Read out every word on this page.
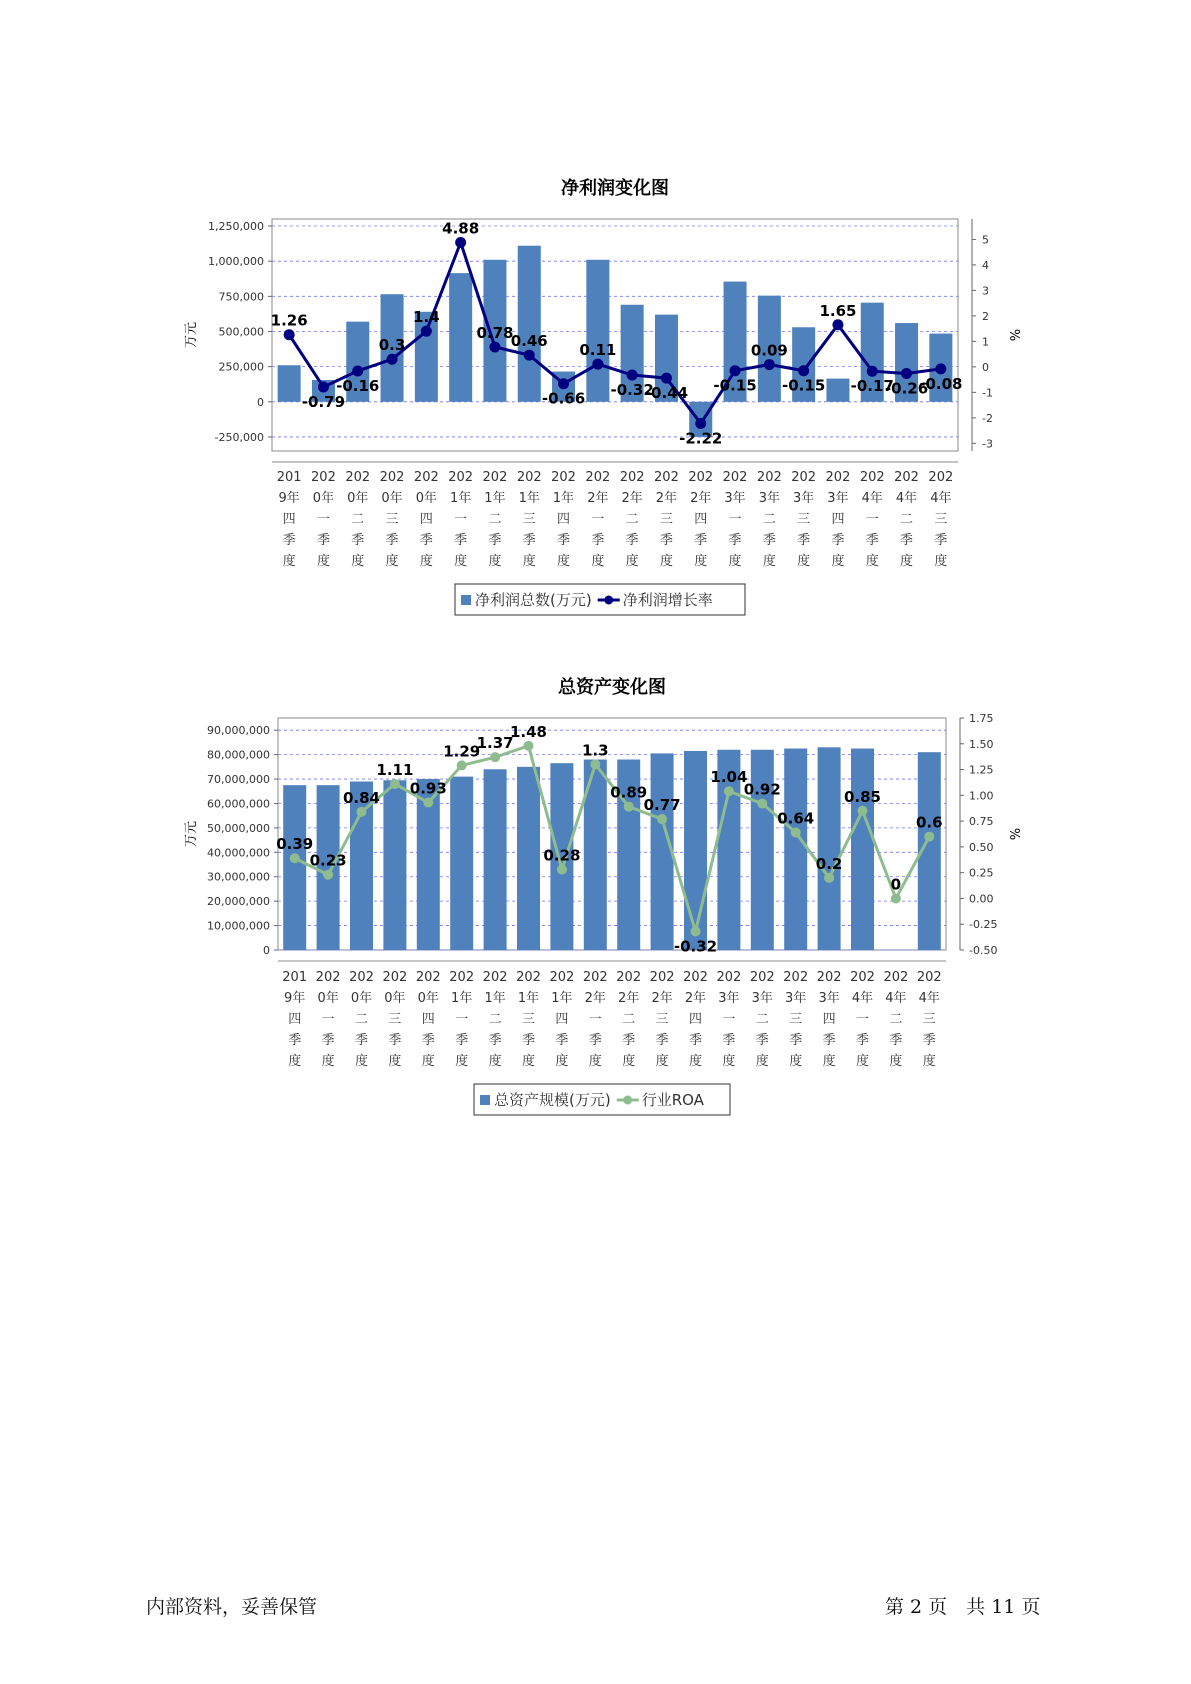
净利润变化图
-250,000
0
250,000
500,000
750,000
1,000,000
1,250,000
-3
-2
-1
0
1
2
3
4
5
万元	%
201
9年
四
季
度
202
0年
一
季
度
202
0年
二
季
度
202
0年
三
季
度
202
0年
四
季
度
202
1年
一
季
度
202
1年
二
季
度
202
1年
三
季
度
202
1年
四
季
度
202
2年
一
季
度
202
2年
二
季
度
202
2年
三
季
度
202
2年
四
季
度
202
3年
一
季
度
202
3年
二
季
度
202
3年
三
季
度
202
3年
四
季
度
202
4年
一
季
度
202
4年
二
季
度
202
4年
三
季
度
1.26
-0.79
-0.16
0.3
1.4
4.88
0.78
0.46
-0.66
0.11
-0.32
-0.44
-2.22
-0.15
0.09
-0.15
1.65
-0.17
-0.26
-0.08
净利润总数(万元) 净利润增长率
总资产变化图
0
10,000,000
20,000,000
30,000,000
40,000,000
50,000,000
60,000,000
70,000,000
80,000,000
90,000,000
-0.50
-0.25
0.00
0.25
0.50
0.75
1.00
1.25
1.50
1.75
万元	%
201
9年
四
季
度
202
0年
一
季
度
202
0年
二
季
度
202
0年
三
季
度
202
0年
四
季
度
202
1年
一
季
度
202
1年
二
季
度
202
1年
三
季
度
202
1年
四
季
度
202
2年
一
季
度
202
2年
二
季
度
202
2年
三
季
度
202
2年
四
季
度
202
3年
一
季
度
202
3年
二
季
度
202
3年
三
季
度
202
3年
四
季
度
202
4年
一
季
度
202
4年
二
季
度
202
4年
三
季
度
0.39
0.23
0.84
1.11
0.93
1.29
1.37
1.48
0.28
1.3
0.89
0.77
-0.32
1.04
0.92
0.64
0.2
0.85
0
0.6
总资产规模(万元) 行业ROA
内部资料，妥善保管	第 2 页　共 11 页
